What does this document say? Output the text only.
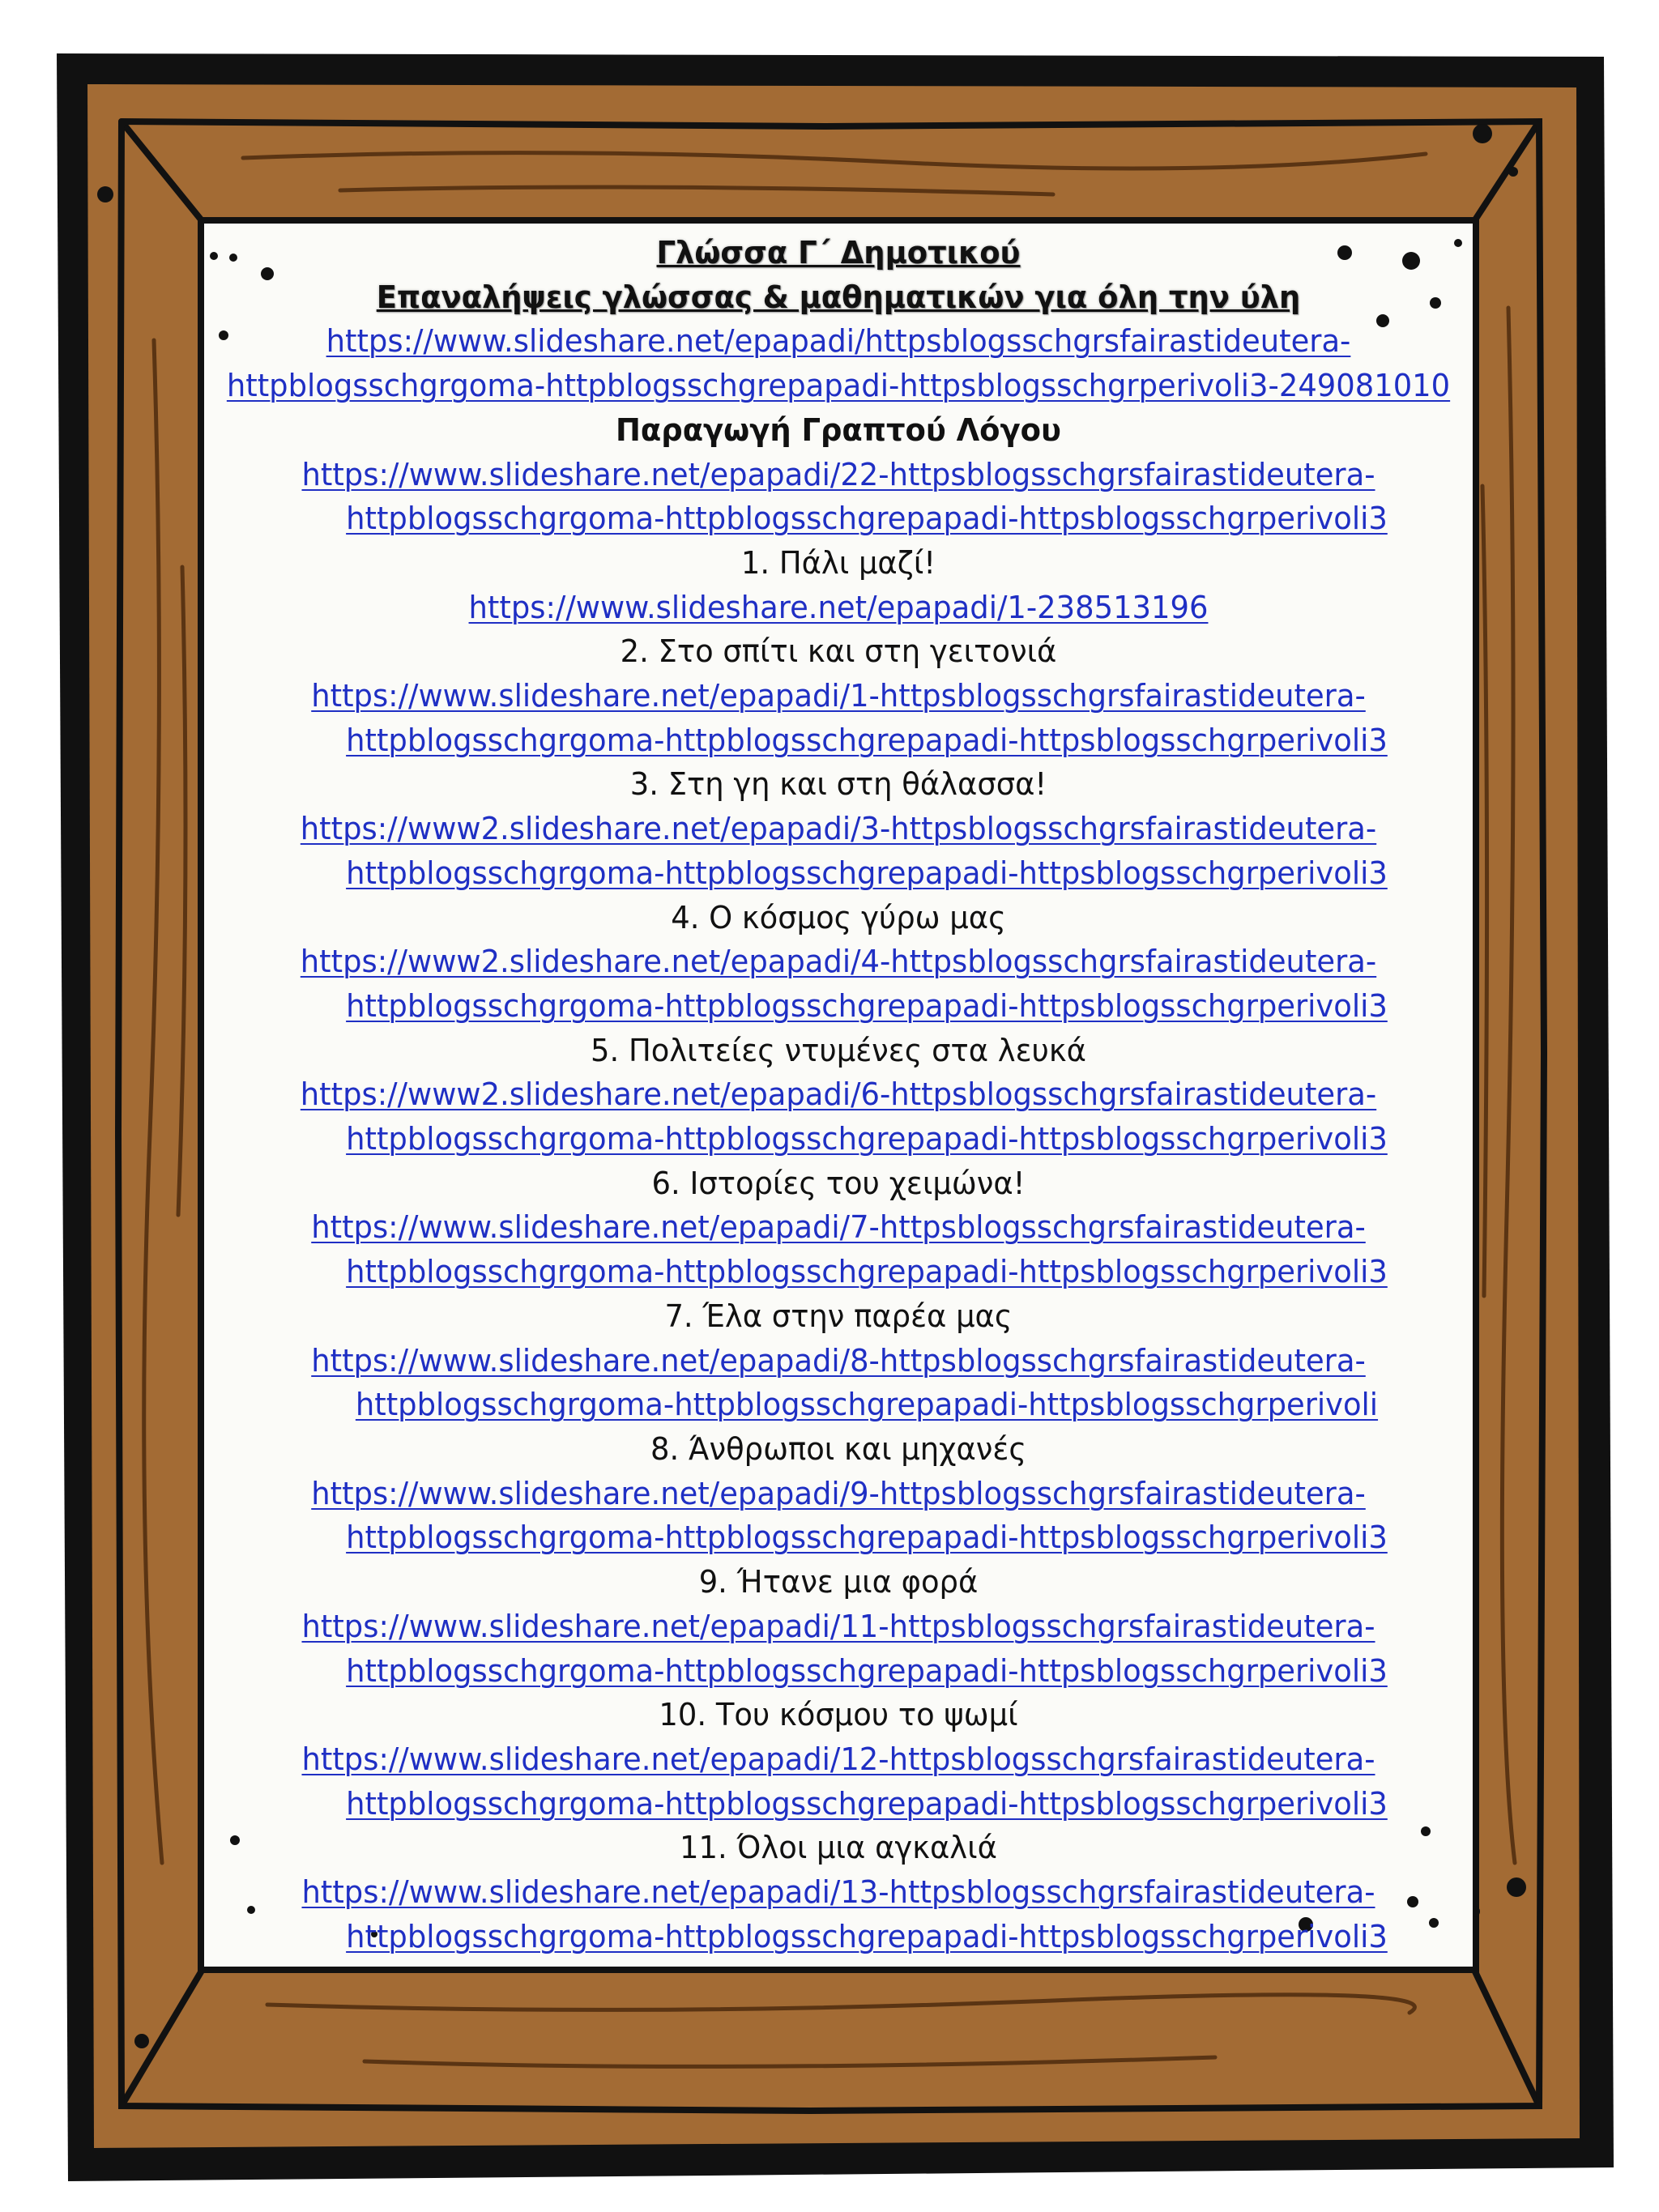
Γλώσσα Γ΄ Δημοτικού
Επαναλήψεις γλώσσας & μαθηματικών για όλη την ύλη
https://www.slideshare.net/epapadi/httpsblogsschgrsfairastideutera-
httpblogsschgrgoma-httpblogsschgrepapadi-httpsblogsschgrperivoli3-249081010
Παραγωγή Γραπτού Λόγου
https://www.slideshare.net/epapadi/22-httpsblogsschgrsfairastideutera-
httpblogsschgrgoma-httpblogsschgrepapadi-httpsblogsschgrperivoli3
1. Πάλι μαζί!
https://www.slideshare.net/epapadi/1-238513196
2. Στο σπίτι και στη γειτονιά
https://www.slideshare.net/epapadi/1-httpsblogsschgrsfairastideutera-
httpblogsschgrgoma-httpblogsschgrepapadi-httpsblogsschgrperivoli3
3. Στη γη και στη θάλασσα!
https://www2.slideshare.net/epapadi/3-httpsblogsschgrsfairastideutera-
httpblogsschgrgoma-httpblogsschgrepapadi-httpsblogsschgrperivoli3
4. Ο κόσμος γύρω μας
https://www2.slideshare.net/epapadi/4-httpsblogsschgrsfairastideutera-
httpblogsschgrgoma-httpblogsschgrepapadi-httpsblogsschgrperivoli3
5. Πολιτείες ντυμένες στα λευκά
https://www2.slideshare.net/epapadi/6-httpsblogsschgrsfairastideutera-
httpblogsschgrgoma-httpblogsschgrepapadi-httpsblogsschgrperivoli3
6. Ιστορίες του χειμώνα!
https://www.slideshare.net/epapadi/7-httpsblogsschgrsfairastideutera-
httpblogsschgrgoma-httpblogsschgrepapadi-httpsblogsschgrperivoli3
7. Έλα στην παρέα μας
https://www.slideshare.net/epapadi/8-httpsblogsschgrsfairastideutera-
httpblogsschgrgoma-httpblogsschgrepapadi-httpsblogsschgrperivoli
8. Άνθρωποι και μηχανές
https://www.slideshare.net/epapadi/9-httpsblogsschgrsfairastideutera-
httpblogsschgrgoma-httpblogsschgrepapadi-httpsblogsschgrperivoli3
9. Ήτανε μια φορά
https://www.slideshare.net/epapadi/11-httpsblogsschgrsfairastideutera-
httpblogsschgrgoma-httpblogsschgrepapadi-httpsblogsschgrperivoli3
10. Του κόσμου το ψωμί
https://www.slideshare.net/epapadi/12-httpsblogsschgrsfairastideutera-
httpblogsschgrgoma-httpblogsschgrepapadi-httpsblogsschgrperivoli3
11. Όλοι μια αγκαλιά
https://www.slideshare.net/epapadi/13-httpsblogsschgrsfairastideutera-
httpblogsschgrgoma-httpblogsschgrepapadi-httpsblogsschgrperivoli3
